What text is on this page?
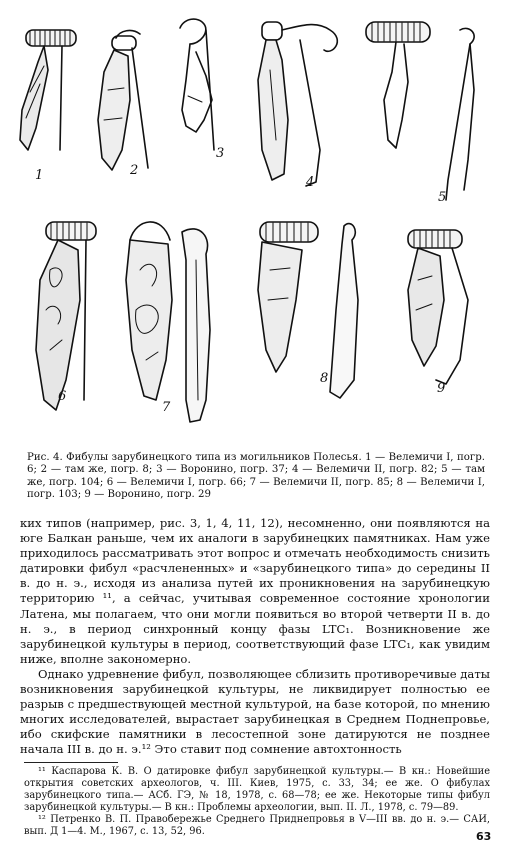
1	2
3
4
5
6
7
8
9

Рис. 4. Фибулы зарубинецкого типа из могильников Полесья. 1 — Велемичи I, погр. 6; 2 — там же, погр. 8; 3 — Воронино, погр. 37; 4 — Велемичи II, погр. 82; 5 — там же, погр. 104; 6 — Велемичи I, погр. 66; 7 — Велемичи II, погр. 85; 8 — Велемичи I, погр. 103; 9 — Воронино, погр. 29

ких типов (например, рис. 3, 1, 4, 11, 12), несомненно, они появляются на юге Балкан раньше, чем их аналоги в зарубинецких памятниках. Нам уже приходилось рассматривать этот вопрос и отмечать необходимость снизить датировки фибул «расчлененных» и «зарубинецкого типа» до середины II в. до н. э., исходя из анализа путей их проникновения на зарубинецкую территорию ¹¹, а сейчас, учитывая современное состояние хронологии Латена, мы полагаем, что они могли появиться во второй четверти II в. до н. э., в период синхронный концу фазы LTC₁. Возникновение же зарубинецкой культуры в период, соответствующий фазе LTC₁, как увидим ниже, вполне закономерно.

Однако удревнение фибул, позволяющее сблизить противоречивые даты возникновения зарубинецкой культуры, не ликвидирует полностью ее разрыв с предшествующей местной культурой, на базе которой, по мнению многих исследователей, вырастает зарубинецкая в Среднем Поднепровье, ибо скифские памятники в лесостепной зоне датируются не позднее начала III в. до н. э.¹² Это ставит под сомнение автохтонность

¹¹ Каспарова К. В. О датировке фибул зарубинецкой культуры.— В кн.: Новейшие открытия советских археологов, ч. III. Киев, 1975, с. 33, 34; ее же. О фибулах зарубинецкого типа.— АСб. ГЭ, № 18, 1978, с. 68—78; ее же. Некоторые типы фибул зарубинецкой культуры.— В кн.: Проблемы археологии, вып. II. Л., 1978, с. 79—89.

¹² Петренко В. П. Правобережье Среднего Приднепровья в V—III вв. до н. э.— САИ, вып. Д 1—4. М., 1967, с. 13, 52, 96.	63
